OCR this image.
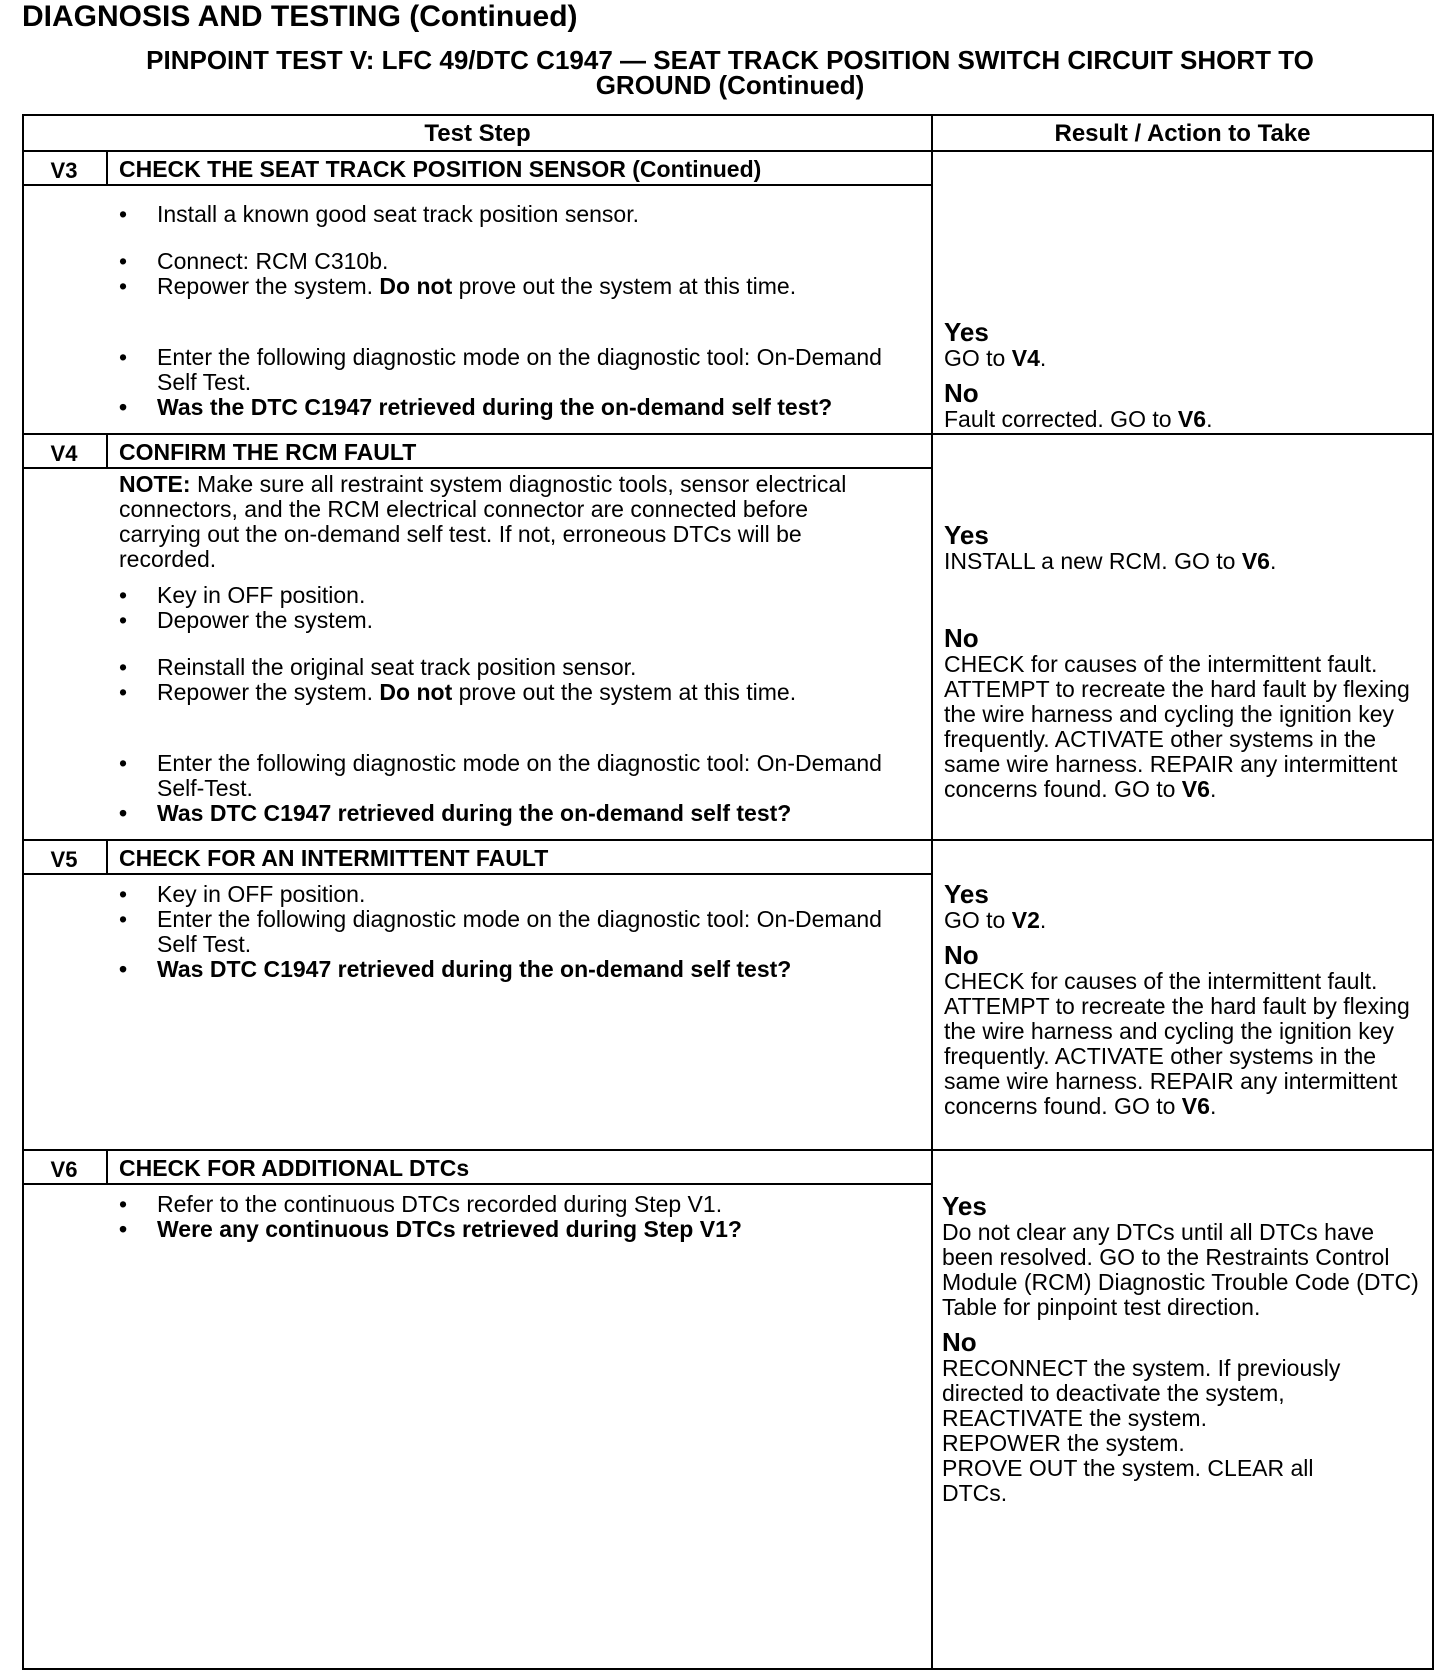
DIAGNOSIS AND TESTING (Continued)
PINPOINT TEST V: LFC 49/DTC C1947 — SEAT TRACK POSITION SWITCH CIRCUIT SHORT TO
GROUND (Continued)
Test Step	Result / Action to Take
V3	CHECK THE SEAT TRACK POSITION SENSOR (Continued)
•
Install a known good seat track position sensor.
•
Connect: RCM C310b.
•
Repower the system. Do not prove out the system at this time.
•
Enter the following diagnostic mode on the diagnostic tool: On-Demand Self Test.
•
Was the DTC C1947 retrieved during the on-demand self test?
Yes

GO to V4.

No

Fault corrected. GO to V6.

V4	CONFIRM THE RCM FAULT
NOTE: Make sure all restraint system diagnostic tools, sensor electrical connectors, and the RCM electrical connector are connected before carrying out the on-demand self test. If not, erroneous DTCs will be recorded.
•
Key in OFF position.
•
Depower the system.
•
Reinstall the original seat track position sensor.
•
Repower the system. Do not prove out the system at this time.
•
Enter the following diagnostic mode on the diagnostic tool: On-Demand Self-Test.
•
Was DTC C1947 retrieved during the on-demand self test?
Yes

INSTALL a new RCM. GO to V6.

No

CHECK for causes of the intermittent fault. ATTEMPT to recreate the hard fault by flexing the wire harness and cycling the ignition key frequently. ACTIVATE other systems in the same wire harness. REPAIR any intermittent concerns found. GO to V6.

V5	CHECK FOR AN INTERMITTENT FAULT
•
Key in OFF position.
•
Enter the following diagnostic mode on the diagnostic tool: On-Demand Self Test.
•
Was DTC C1947 retrieved during the on-demand self test?
Yes

GO to V2.

No

CHECK for causes of the intermittent fault. ATTEMPT to recreate the hard fault by flexing the wire harness and cycling the ignition key frequently. ACTIVATE other systems in the same wire harness. REPAIR any intermittent concerns found. GO to V6.

V6	CHECK FOR ADDITIONAL DTCs
•
Refer to the continuous DTCs recorded during Step V1.
•
Were any continuous DTCs retrieved during Step V1?
Yes

Do not clear any DTCs until all DTCs have been resolved. GO to the Restraints Control Module (RCM) Diagnostic Trouble Code (DTC) Table for pinpoint test direction.

No

RECONNECT the system. If previously directed to deactivate the system,

REACTIVATE the system.

REPOWER the system.

PROVE OUT the system. CLEAR all DTCs.
